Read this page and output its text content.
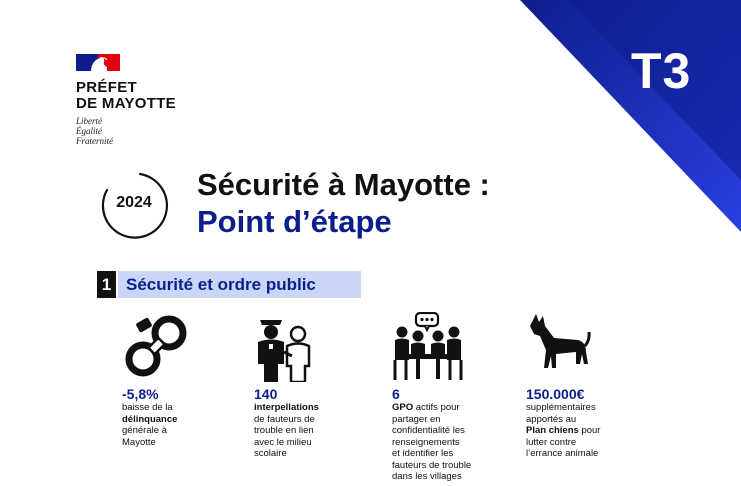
T3
PRÉFET
DE MAYOTTE
Liberté
Égalité
Fraternité
2024
Sécurité à Mayotte :
Point d’étape
1 Sécurité et ordre public
-5,8%
baisse de la
délinquance
générale à
Mayotte
140
interpellations
de fauteurs de
trouble en lien
avec le milieu
scolaire
6
GPO actifs pour
partager en
confidentialité les
renseignements
et identifier les
fauteurs de trouble
dans les villages
150.000€
supplémentaires
apportés au
Plan chiens pour
lutter contre
l’errance animale
